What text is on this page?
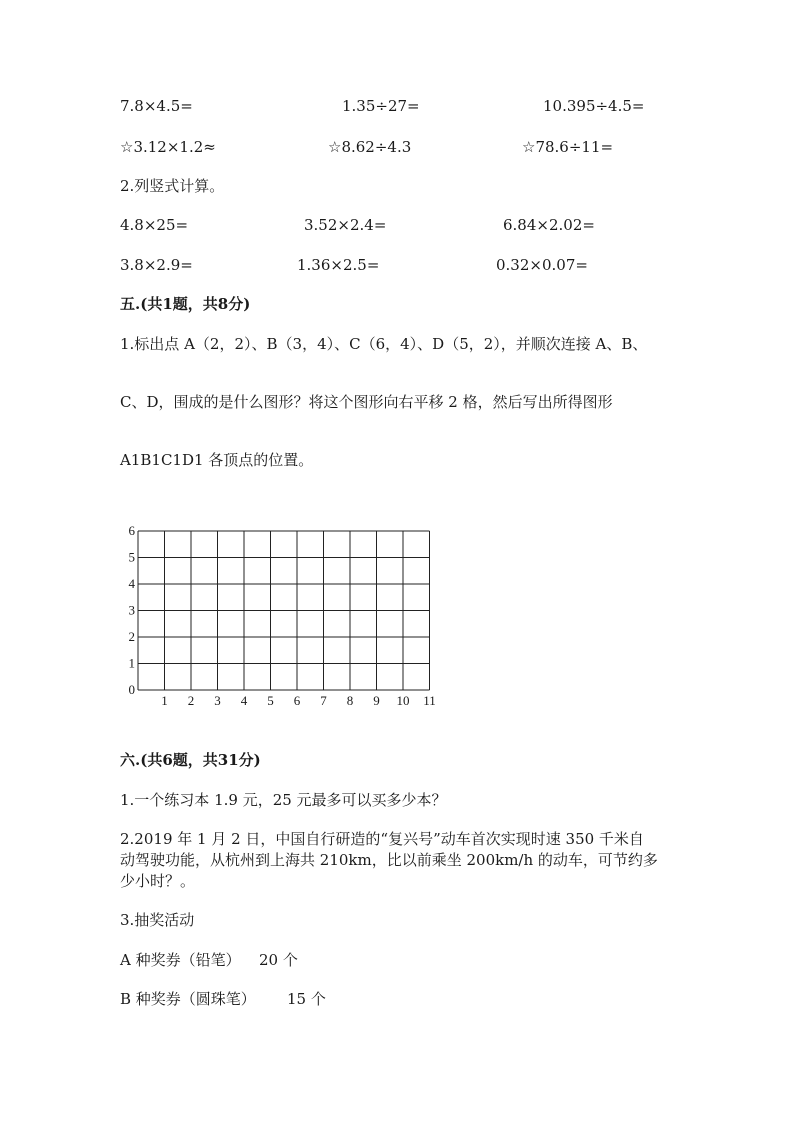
7.8×4.5=	1.35÷27=	10.395÷4.5=
☆3.12×1.2≈	☆8.62÷4.3	☆78.6÷11=
2.列竖式计算。
4.8×25=	3.52×2.4=	6.84×2.02=
3.8×2.9=	1.36×2.5=	0.32×0.07=
五.(共1题，共8分)
1.标出点 A（2，2）、B（3，4）、C（6，4）、D（5，2），并顺次连接 A、B、
C、D，围成的是什么图形？将这个图形向右平移 2 格，然后写出所得图形
A1B1C1D1 各顶点的位置。
1 2 3 4 5 6 7 8 9 10 11
0
1
2
3
4
5
6
六.(共6题，共31分)
1.一个练习本 1.9 元，25 元最多可以买多少本？
2.2019 年 1 月 2 日，中国自行研造的“复兴号”动车首次实现时速 350 千米自
动驾驶功能，从杭州到上海共 210km，比以前乘坐 200km/h 的动车，可节约多
少小时？。
3.抽奖活动
A 种奖券（铅笔） 20 个
B 种奖券（圆珠笔） 15 个
